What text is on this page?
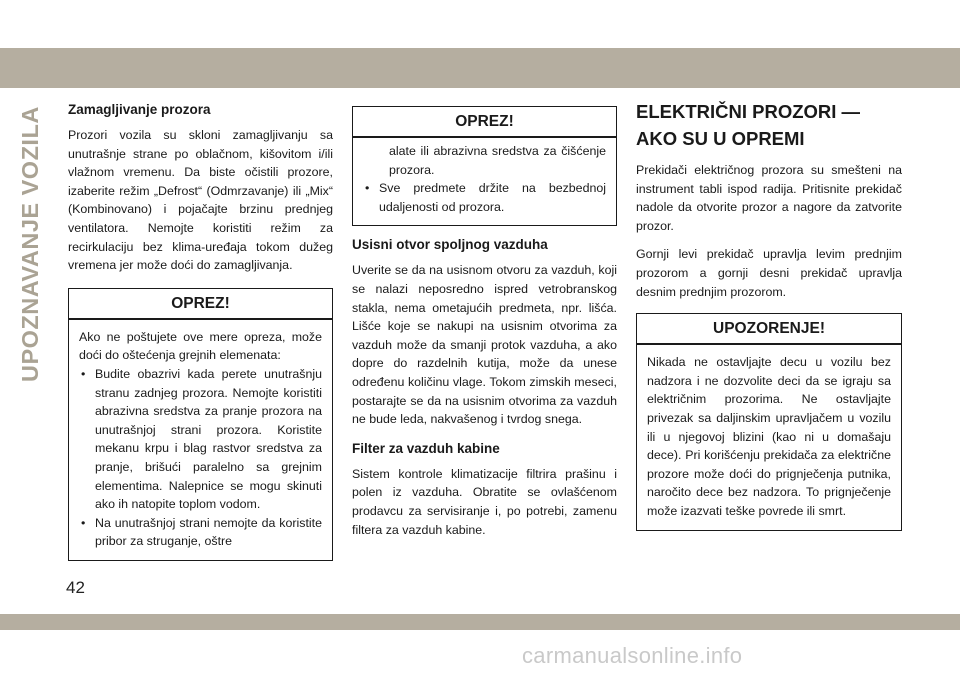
UPOZNAVANJE VOZILA	Zamagljivanje prozora

Prozori vozila su skloni zamagljivanju sa unutrašnje strane po oblačnom, kišovitom i/ili vlažnom vremenu. Da biste očistili prozore, izaberite režim „Defrost“ (Odmrzavanje) ili „Mix“ (Kombinovano) i pojačajte brzinu prednjeg ventilatora. Nemojte koristiti režim za recirkulaciju bez klima-uređaja tokom dužeg vremena jer može doći do zamagljivanja.

OPREZ!

Ako ne poštujete ove mere opreza, može doći do oštećenja grejnih elemenata:

• Budite obazrivi kada perete unutrašnju stranu zadnjeg prozora. Nemojte koristiti abrazivna sredstva za pranje prozora na unutrašnjoj strani prozora. Koristite mekanu krpu i blag rastvor sredstva za pranje, brišući paralelno sa grejnim elementima. Nalepnice se mogu skinuti ako ih natopite toplom vodom.
• Na unutrašnjoj strani nemojte da koristite pribor za struganje, oštre
OPREZ!
alate ili abrazivna sredstva za čišćenje prozora.
• Sve predmete držite na bezbednoj udaljenosti od prozora.
Usisni otvor spoljnog vazduha

Uverite se da na usisnom otvoru za vazduh, koji se nalazi neposredno ispred vetrobranskog stakla, nema ometajućih predmeta, npr. lišća. Lišće koje se nakupi na usisnim otvorima za vazduh može da smanji protok vazduha, a ako dopre do razdelnih kutija, može da unese određenu količinu vlage. Tokom zimskih meseci, postarajte se da na usisnim otvorima za vazduh ne bude leda, nakvašenog i tvrdog snega.

Filter za vazduh kabine

Sistem kontrole klimatizacije filtrira prašinu i polen iz vazduha. Obratite se ovlašćenom prodavcu za servisiranje i, po potrebi, zamenu filtera za vazduh kabine.

ELEKTRIČNI PROZORI —
AKO SU U OPREMI

Prekidači električnog prozora su smešteni na instrument tabli ispod radija. Pritisnite prekidač nadole da otvorite prozor a nagore da zatvorite prozor.

Gornji levi prekidač upravlja levim prednjim prozorom a gornji desni prekidač upravlja desnim prednjim prozorom.

UPOZORENJE!

Nikada ne ostavljajte decu u vozilu bez nadzora i ne dozvolite deci da se igraju sa električnim prozorima. Ne ostavljajte privezak sa daljinskim upravljačem u vozilu ili u njegovoj blizini (kao ni u domašaju dece). Pri korišćenju prekidača za električne prozore može doći do prignječenja putnika, naročito dece bez nadzora. To prignječenje može izazvati teške povrede ili smrt.

42
carmanualsonline.info
